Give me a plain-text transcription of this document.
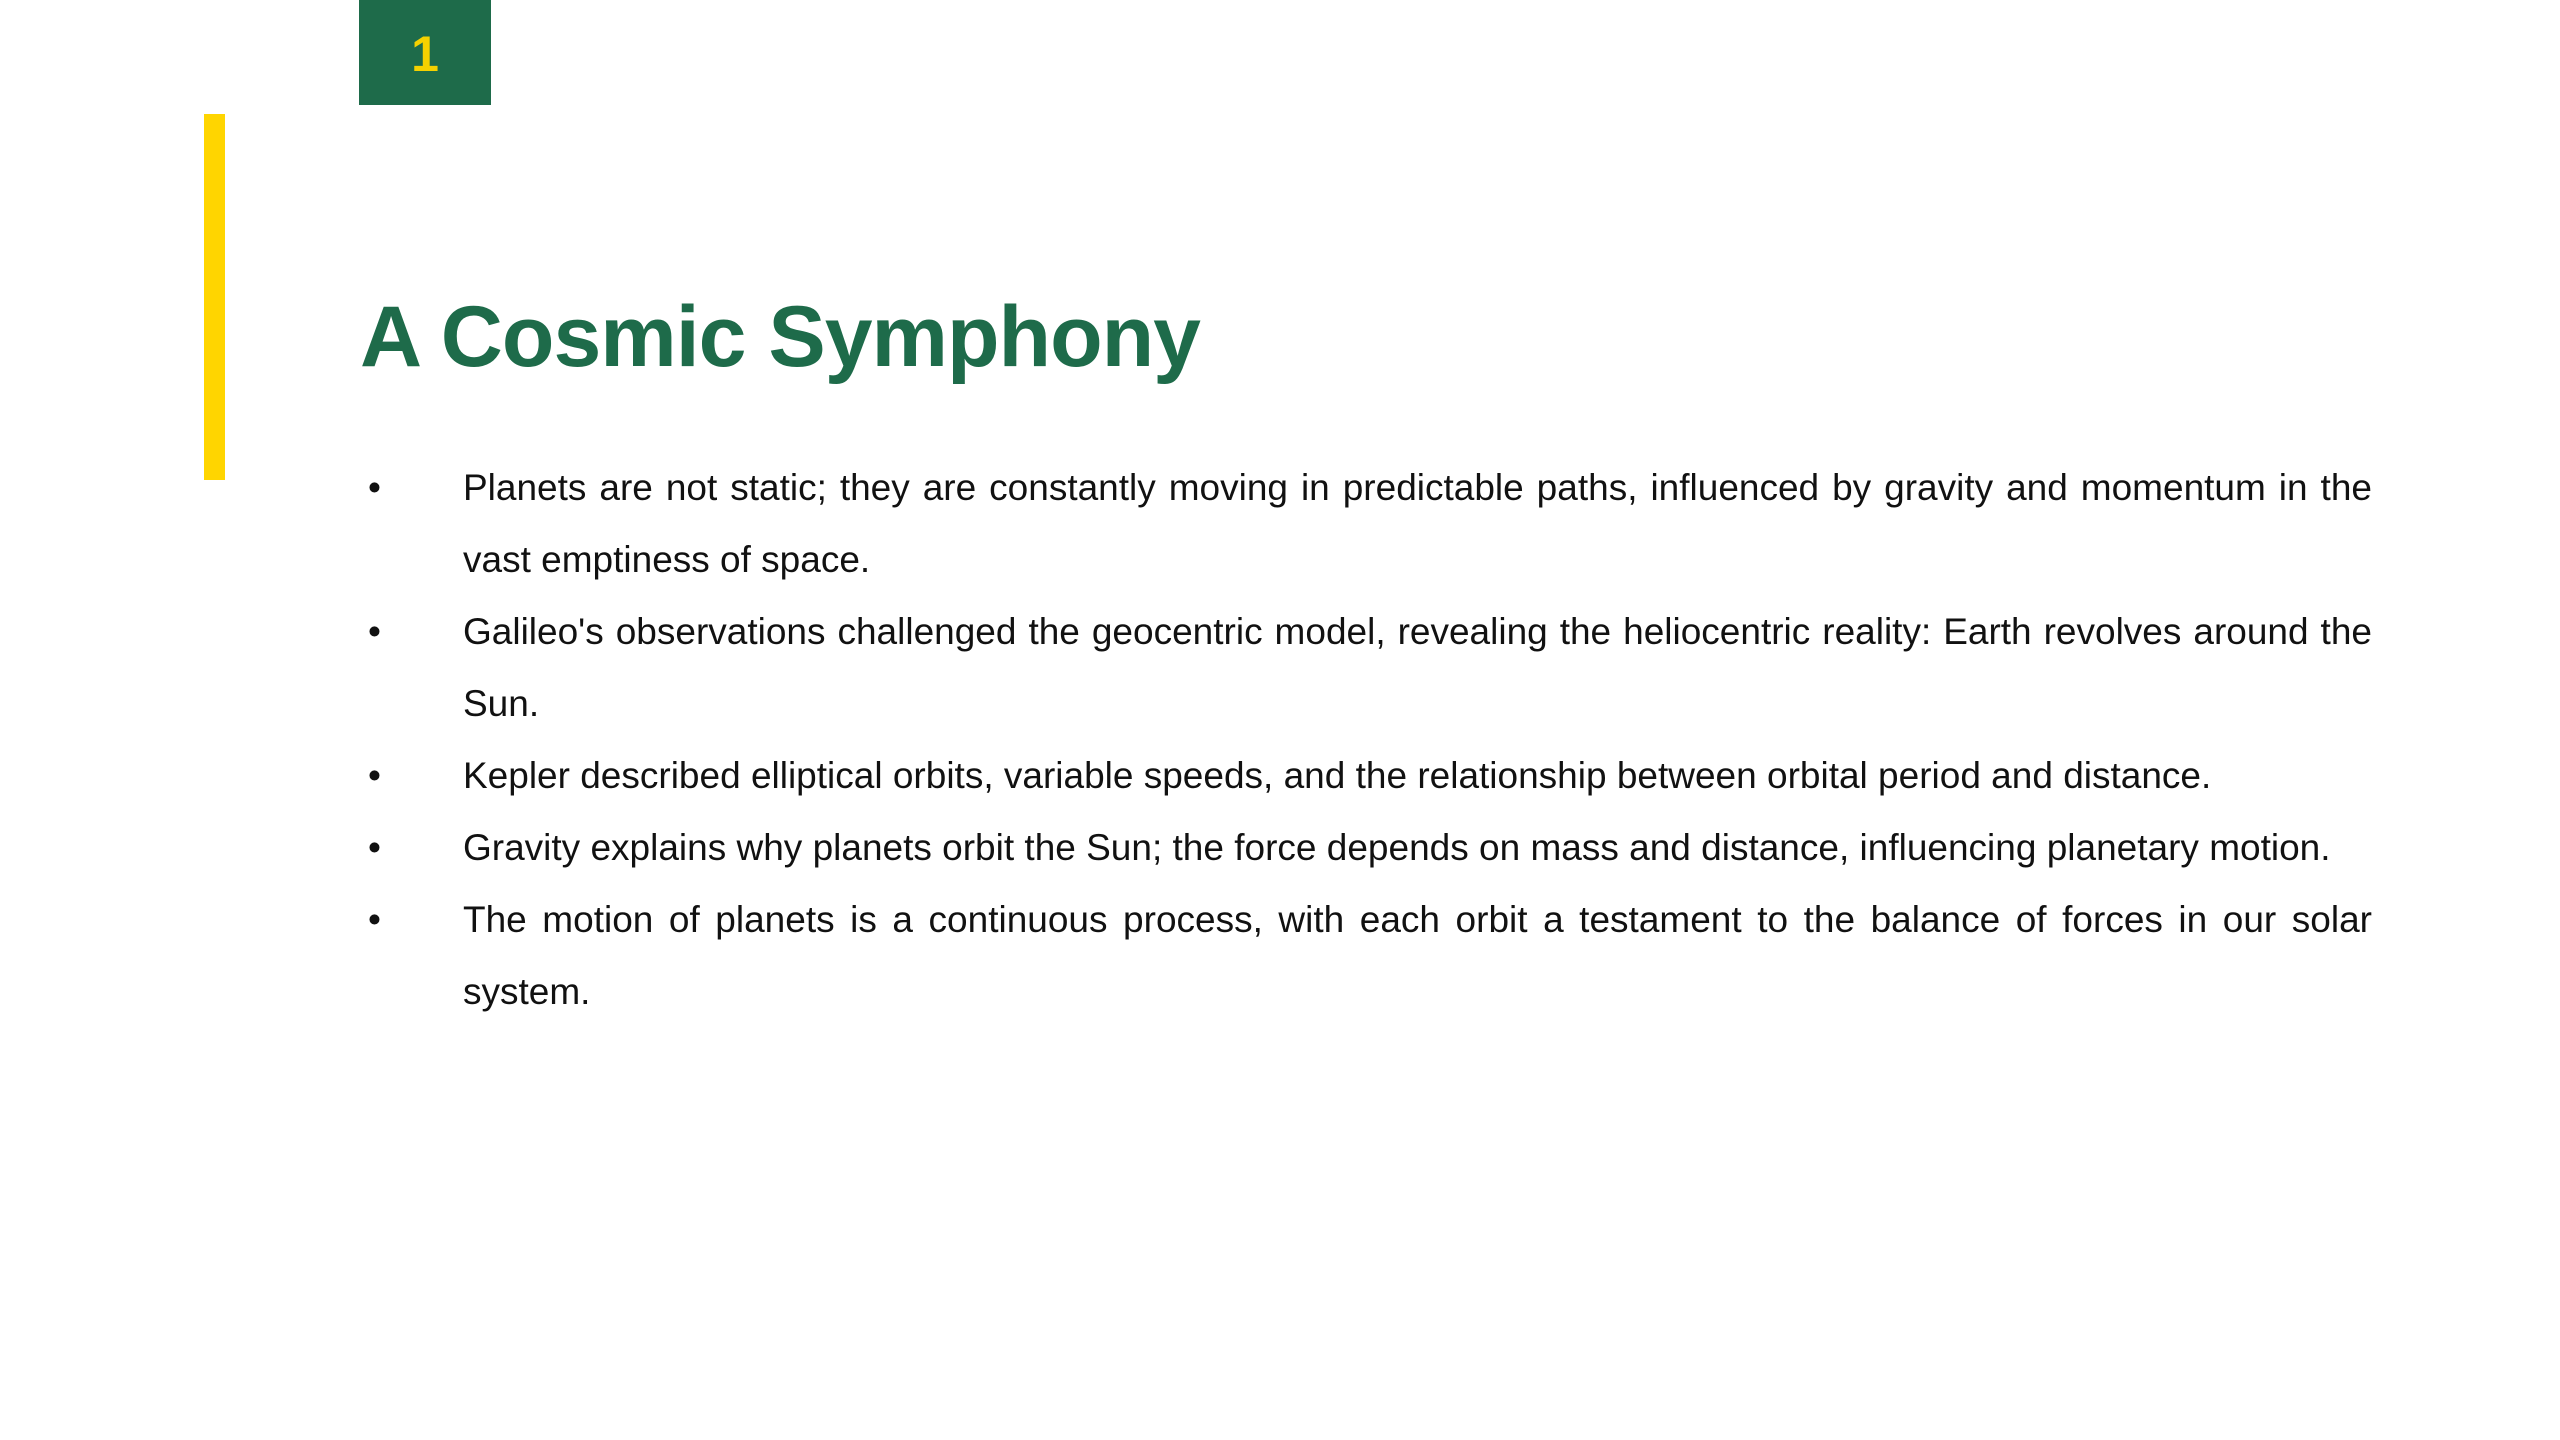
1
A Cosmic Symphony
• Planets are not static; they are constantly moving in predictable paths, influenced by gravity and momentum in the vast emptiness of space.
• Galileo's observations challenged the geocentric model, revealing the heliocentric reality: Earth revolves around the Sun.
• Kepler described elliptical orbits, variable speeds, and the relationship between orbital period and distance.
• Gravity explains why planets orbit the Sun; the force depends on mass and distance, influencing planetary motion.
• The motion of planets is a continuous process, with each orbit a testament to the balance of forces in our solar system.
